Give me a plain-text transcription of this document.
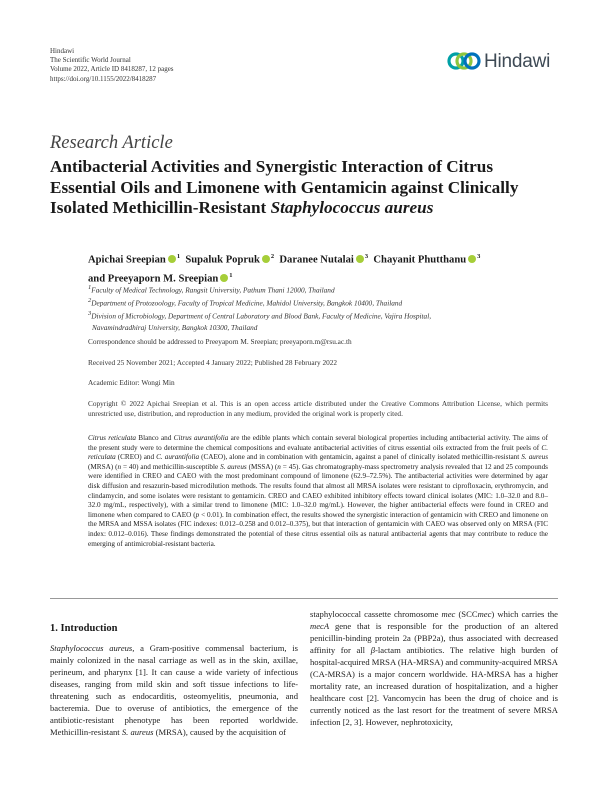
Hindawi
The Scientific World Journal
Volume 2022, Article ID 8418287, 12 pages
https://doi.org/10.1155/2022/8418287
Hindawi
Research Article
Antibacterial Activities and Synergistic Interaction of Citrus Essential Oils and Limonene with Gentamicin against Clinically Isolated Methicillin-Resistant Staphylococcus aureus
Apichai Sreepian $^1$ Supaluk Popruk $^2$ Daranee Nutalai $^3$ Chayanit Phutthanu $^3$
and Preeyaporn M. Sreepian $^1$

$^1$Faculty of Medical Technology, Rangsit University, Pathum Thani 12000, Thailand

$^2$Department of Protozoology, Faculty of Tropical Medicine, Mahidol University, Bangkok 10400, Thailand

$^3$Division of Microbiology, Department of Central Laboratory and Blood Bank, Faculty of Medicine, Vajira Hospital,

Navamindradhiraj University, Bangkok 10300, Thailand

Correspondence should be addressed to Preeyaporn M. Sreepian; preeyaporn.m@rsu.ac.th
Received 25 November 2021; Accepted 4 January 2022; Published 28 February 2022
Academic Editor: Wongi Min
Copyright © 2022 Apichai Sreepian et al. This is an open access article distributed under the Creative Commons Attribution License, which permits unrestricted use, distribution, and reproduction in any medium, provided the original work is properly cited.
Citrus reticulata Blanco and Citrus aurantifolia are the edible plants which contain several biological properties including antibacterial activity. The aims of the present study were to determine the chemical compositions and evaluate antibacterial activities of citrus essential oils extracted from the fruit peels of C. reticulata (CREO) and C. aurantifolia (CAEO), alone and in combination with gentamicin, against a panel of clinically isolated methicillin-resistant S. aureus (MRSA) (n = 40) and methicillin-susceptible S. aureus (MSSA) (n = 45). Gas chromatography-mass spectrometry analysis revealed that 12 and 25 compounds were identified in CREO and CAEO with the most predominant compound of limonene (62.9–72.5%). The antibacterial activities were determined by agar disk diffusion and resazurin-based microdilution methods. The results found that almost all MRSA isolates were resistant to ciprofloxacin, erythromycin, and clindamycin, and some isolates were resistant to gentamicin. CREO and CAEO exhibited inhibitory effects toward clinical isolates (MIC: 1.0–32.0 and 8.0–32.0 mg/mL, respectively), with a similar trend to limonene (MIC: 1.0–32.0 mg/mL). However, the higher antibacterial effects were found in CREO and limonene when compared to CAEO (p < 0.01). In combination effect, the results showed the synergistic interaction of gentamicin with CREO and limonene on the MRSA and MSSA isolates (FIC indexes: 0.012–0.258 and 0.012–0.375), but that interaction of gentamicin with CAEO was observed only on MRSA (FIC index: 0.012–0.016). These findings demonstrated the potential of these citrus essential oils as natural antibacterial agents that may contribute to reduce the emerging of antimicrobial-resistant bacteria.
1. Introduction
Staphylococcus aureus, a Gram-positive commensal bacterium, is mainly colonized in the nasal carriage as well as in the skin, axillae, perineum, and pharynx [1]. It can cause a wide variety of infectious diseases, ranging from mild skin and soft tissue infections to life-threatening such as endocarditis, osteomyelitis, pneumonia, and bacteremia. Due to overuse of antibiotics, the emergence of the antibiotic-resistant phenotype has been reported worldwide. Methicillin-resistant S. aureus (MRSA), caused by the acquisition of
staphylococcal cassette chromosome mec (SCCmec) which carries the mecA gene that is responsible for the production of an altered penicillin-binding protein 2a (PBP2a), thus associated with decreased affinity for all β-lactam antibiotics. The relative high burden of hospital-acquired MRSA (HA-MRSA) and community-acquired MRSA (CA-MRSA) is a major concern worldwide. HA-MRSA has a higher mortality rate, an increased duration of hospitalization, and a higher healthcare cost [2]. Vancomycin has been the drug of choice and is currently noticed as the last resort for the treatment of severe MRSA infection [2, 3]. However, nephrotoxicity,
